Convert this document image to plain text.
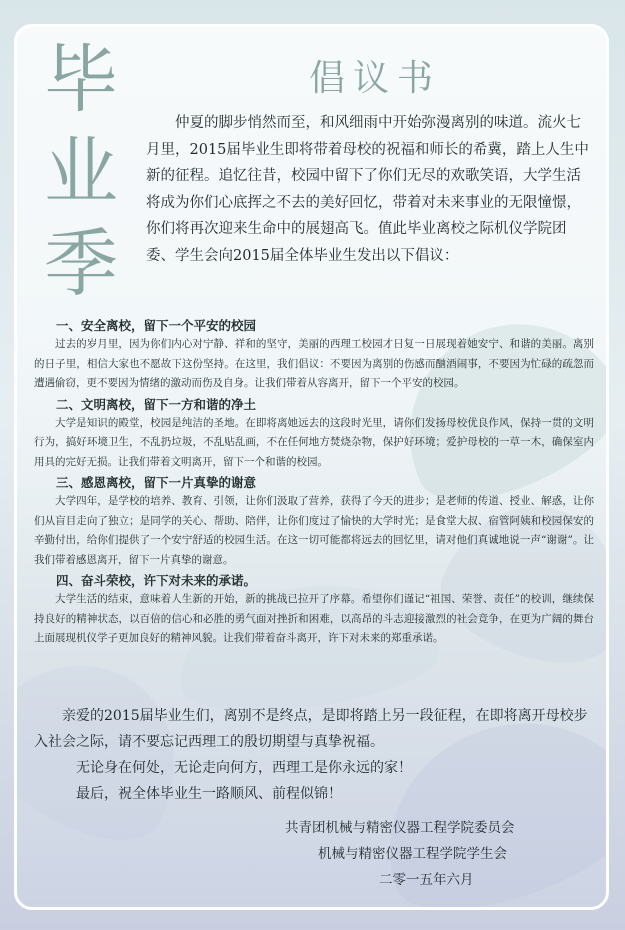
毕
业
季
倡议书

仲夏的脚步悄然而至，和风细雨中开始弥漫离别的味道。流火七月里，2015届毕业生即将带着母校的祝福和师长的希冀，踏上人生中新的征程。追忆往昔，校园中留下了你们无尽的欢歌笑语，大学生活将成为你们心底挥之不去的美好回忆，带着对未来事业的无限憧憬，你们将再次迎来生命中的展翅高飞。值此毕业离校之际机仪学院团委、学生会向2015届全体毕业生发出以下倡议：

一、安全离校，留下一个平安的校园

过去的岁月里，因为你们内心对宁静、祥和的坚守，美丽的西理工校园才日复一日展现着她安宁、和谐的美丽。离别的日子里，相信大家也不愿故下这份坚持。在这里，我们倡议：不要因为离别的伤感而酗酒闹事，不要因为忙碌的疏忽而遭遇偷窃，更不要因为情绪的激动而伤及自身。让我们带着从容离开，留下一个平安的校园。

二、文明离校，留下一方和谐的净土

大学是知识的殿堂，校园是纯洁的圣地。在即将离她远去的这段时光里，请你们发扬母校优良作风，保持一贯的文明行为，搞好环境卫生，不乱扔垃圾，不乱贴乱画，不在任何地方焚烧杂物，保护好环境；爱护母校的一草一木，确保室内用具的完好无损。让我们带着文明离开，留下一个和谐的校园。

三、感恩离校，留下一片真挚的谢意

大学四年，是学校的培养、教育、引领，让你们汲取了营养，获得了今天的进步；是老师的传道、授业、解惑，让你们从盲目走向了独立；是同学的关心、帮助、陪伴，让你们度过了愉快的大学时光；是食堂大叔、宿管阿姨和校园保安的辛勤付出，给你们提供了一个安宁舒适的校园生活。在这一切可能都将远去的回忆里，请对他们真诚地说一声“谢谢”。让我们带着感恩离开，留下一片真挚的谢意。

四、奋斗荣校，许下对未来的承诺。

大学生活的结束，意味着人生新的开始，新的挑战已拉开了序幕。希望你们谨记“祖国、荣誉、责任”的校训，继续保持良好的精神状态，以百倍的信心和必胜的勇气面对挫折和困难，以高昂的斗志迎接激烈的社会竞争，在更为广阔的舞台上面展现机仪学子更加良好的精神风貌。让我们带着奋斗离开，许下对未来的郑重承诺。

亲爱的2015届毕业生们，离别不是终点，是即将踏上另一段征程，在即将离开母校步入社会之际，请不要忘记西理工的殷切期望与真挚祝福。

无论身在何处，无论走向何方，西理工是你永远的家！

最后，祝全体毕业生一路顺风、前程似锦！

共青团机械与精密仪器工程学院委员会
机械与精密仪器工程学院学生会
二零一五年六月
